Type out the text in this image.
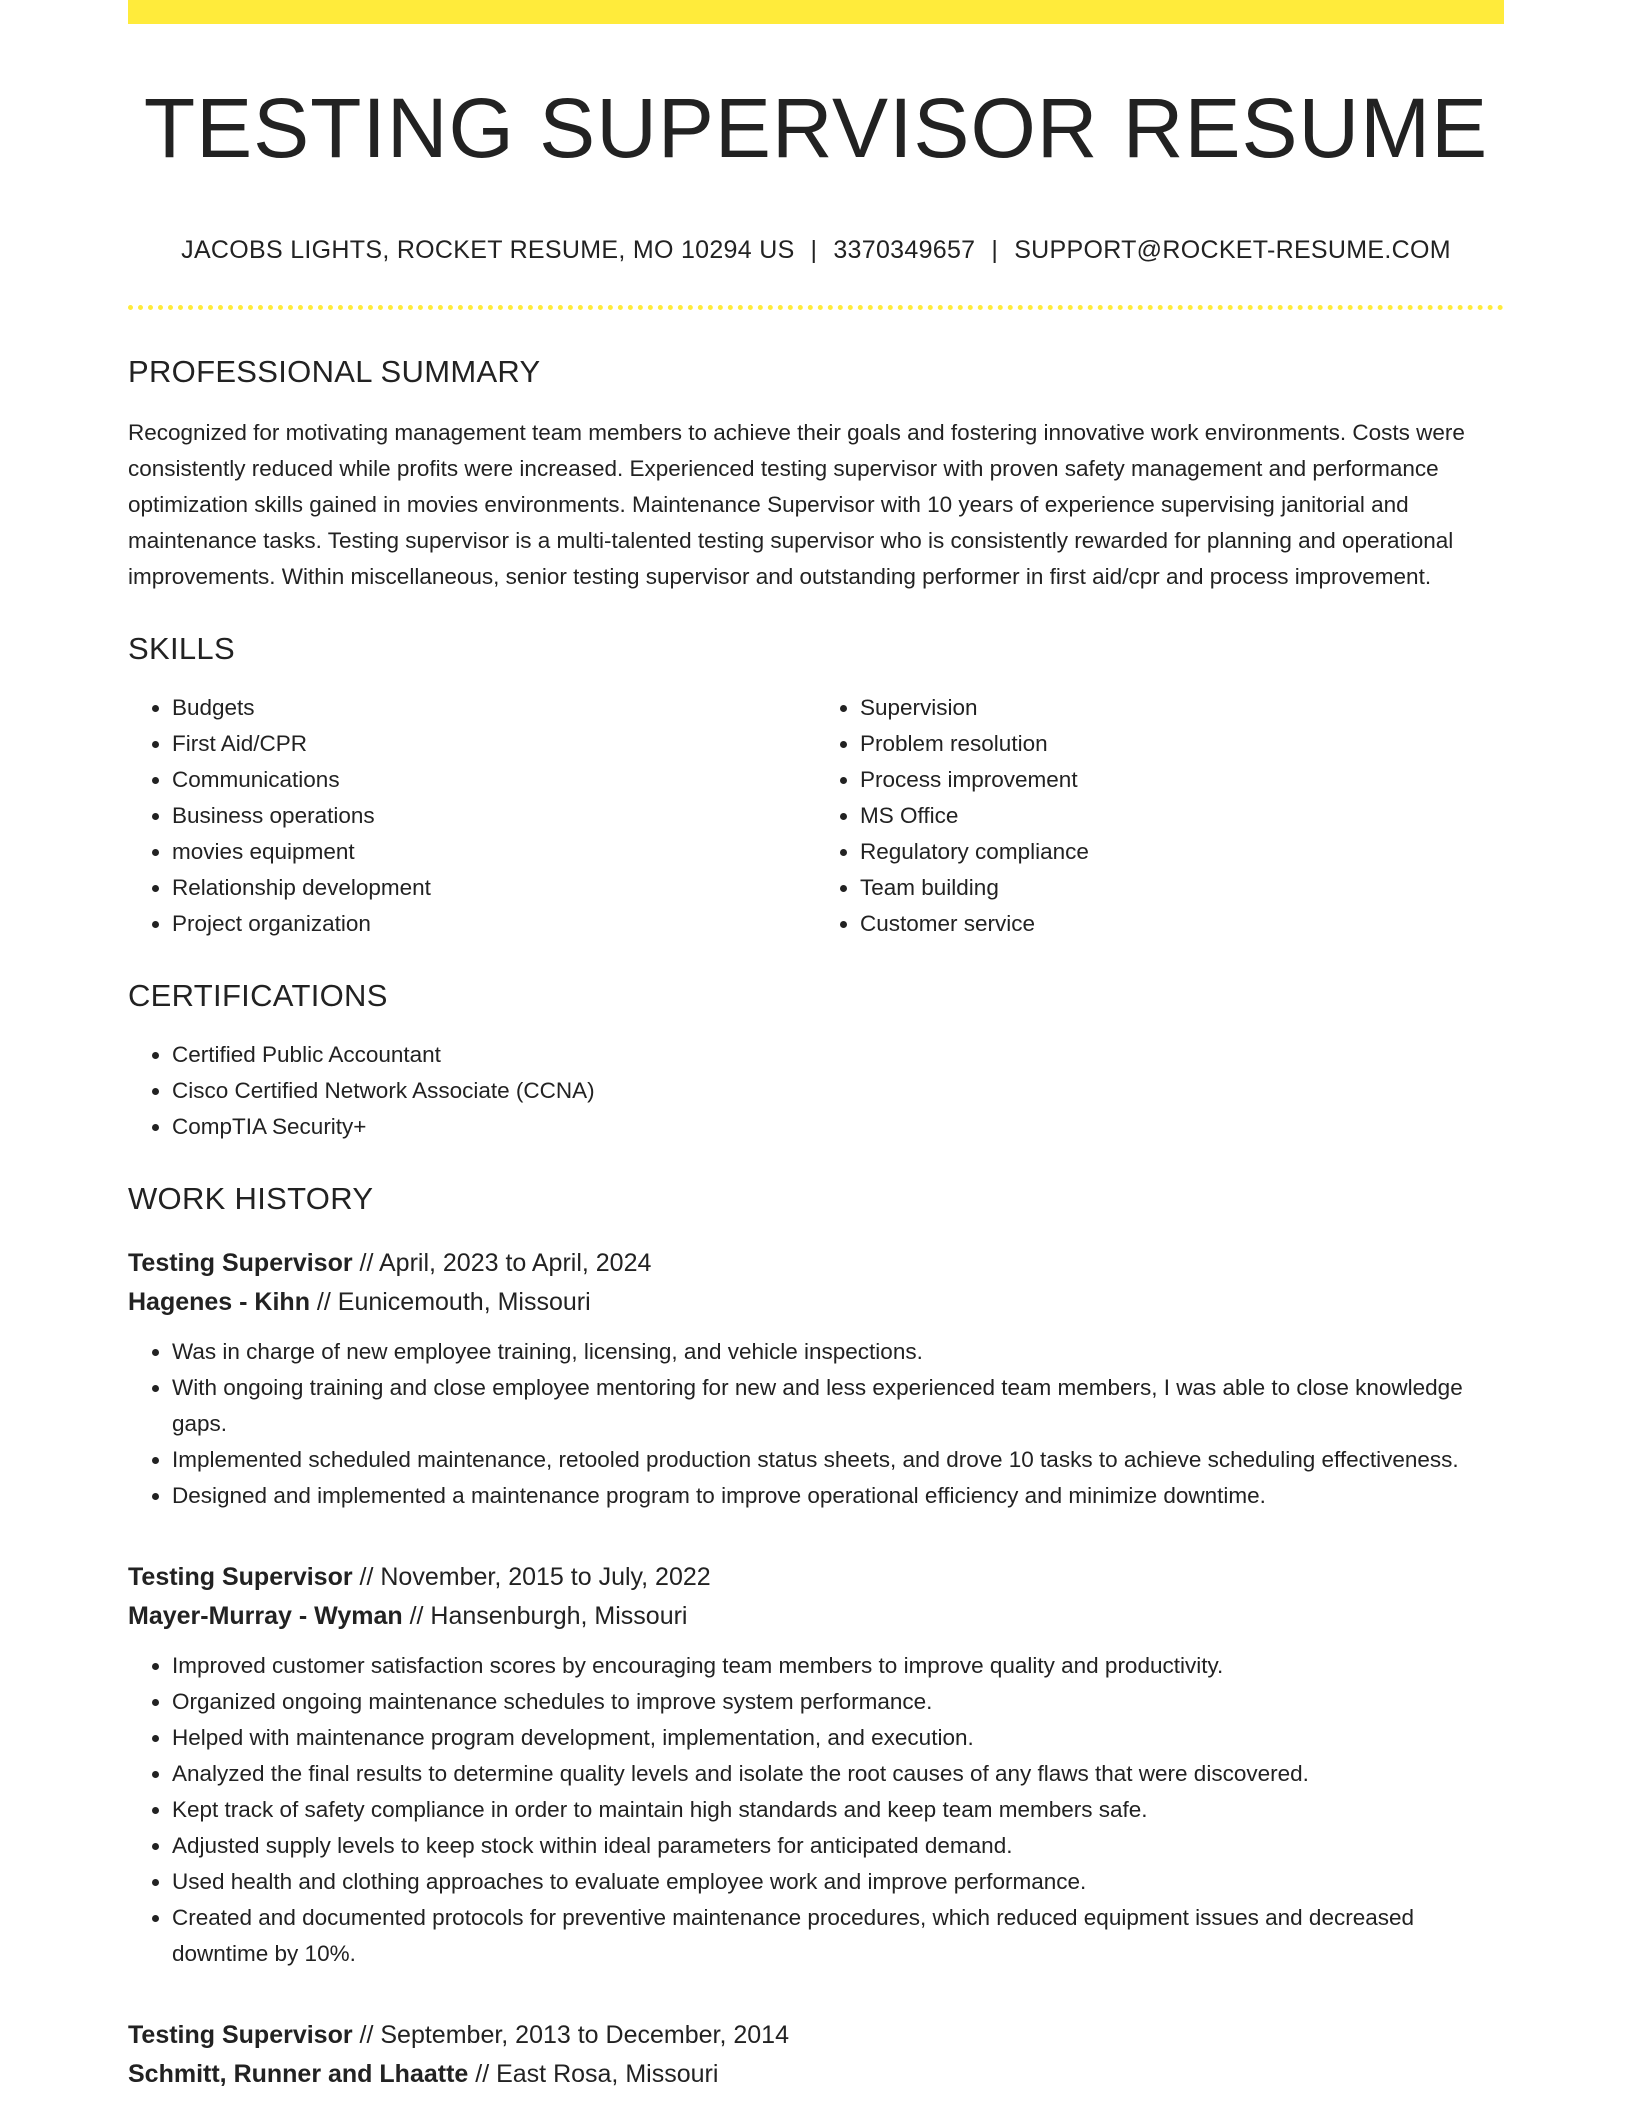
TESTING SUPERVISOR RESUME
JACOBS LIGHTS, ROCKET RESUME, MO 10294 US | 3370349657 | SUPPORT@ROCKET-RESUME.COM
PROFESSIONAL SUMMARY

Recognized for motivating management team members to achieve their goals and fostering innovative work environments. Costs were consistently reduced while profits were increased. Experienced testing supervisor with proven safety management and performance optimization skills gained in movies environments. Maintenance Supervisor with 10 years of experience supervising janitorial and maintenance tasks. Testing supervisor is a multi-talented testing supervisor who is consistently rewarded for planning and operational improvements. Within miscellaneous, senior testing supervisor and outstanding performer in first aid/cpr and process improvement.

SKILLS
• Budgets
• First Aid/CPR
• Communications
• Business operations
• movies equipment
• Relationship development
• Project organization
• Supervision
• Problem resolution
• Process improvement
• MS Office
• Regulatory compliance
• Team building
• Customer service
CERTIFICATIONS
• Certified Public Accountant
• Cisco Certified Network Associate (CCNA)
• CompTIA Security+
WORK HISTORY
Testing Supervisor // April, 2023 to April, 2024
Hagenes - Kihn // Eunicemouth, Missouri
• Was in charge of new employee training, licensing, and vehicle inspections.
• With ongoing training and close employee mentoring for new and less experienced team members, I was able to close knowledge gaps.
• Implemented scheduled maintenance, retooled production status sheets, and drove 10 tasks to achieve scheduling effectiveness.
• Designed and implemented a maintenance program to improve operational efficiency and minimize downtime.
Testing Supervisor // November, 2015 to July, 2022
Mayer-Murray - Wyman // Hansenburgh, Missouri
• Improved customer satisfaction scores by encouraging team members to improve quality and productivity.
• Organized ongoing maintenance schedules to improve system performance.
• Helped with maintenance program development, implementation, and execution.
• Analyzed the final results to determine quality levels and isolate the root causes of any flaws that were discovered.
• Kept track of safety compliance in order to maintain high standards and keep team members safe.
• Adjusted supply levels to keep stock within ideal parameters for anticipated demand.
• Used health and clothing approaches to evaluate employee work and improve performance.
• Created and documented protocols for preventive maintenance procedures, which reduced equipment issues and decreased downtime by 10%.
Testing Supervisor // September, 2013 to December, 2014
Schmitt, Runner and Lhaatte // East Rosa, Missouri
